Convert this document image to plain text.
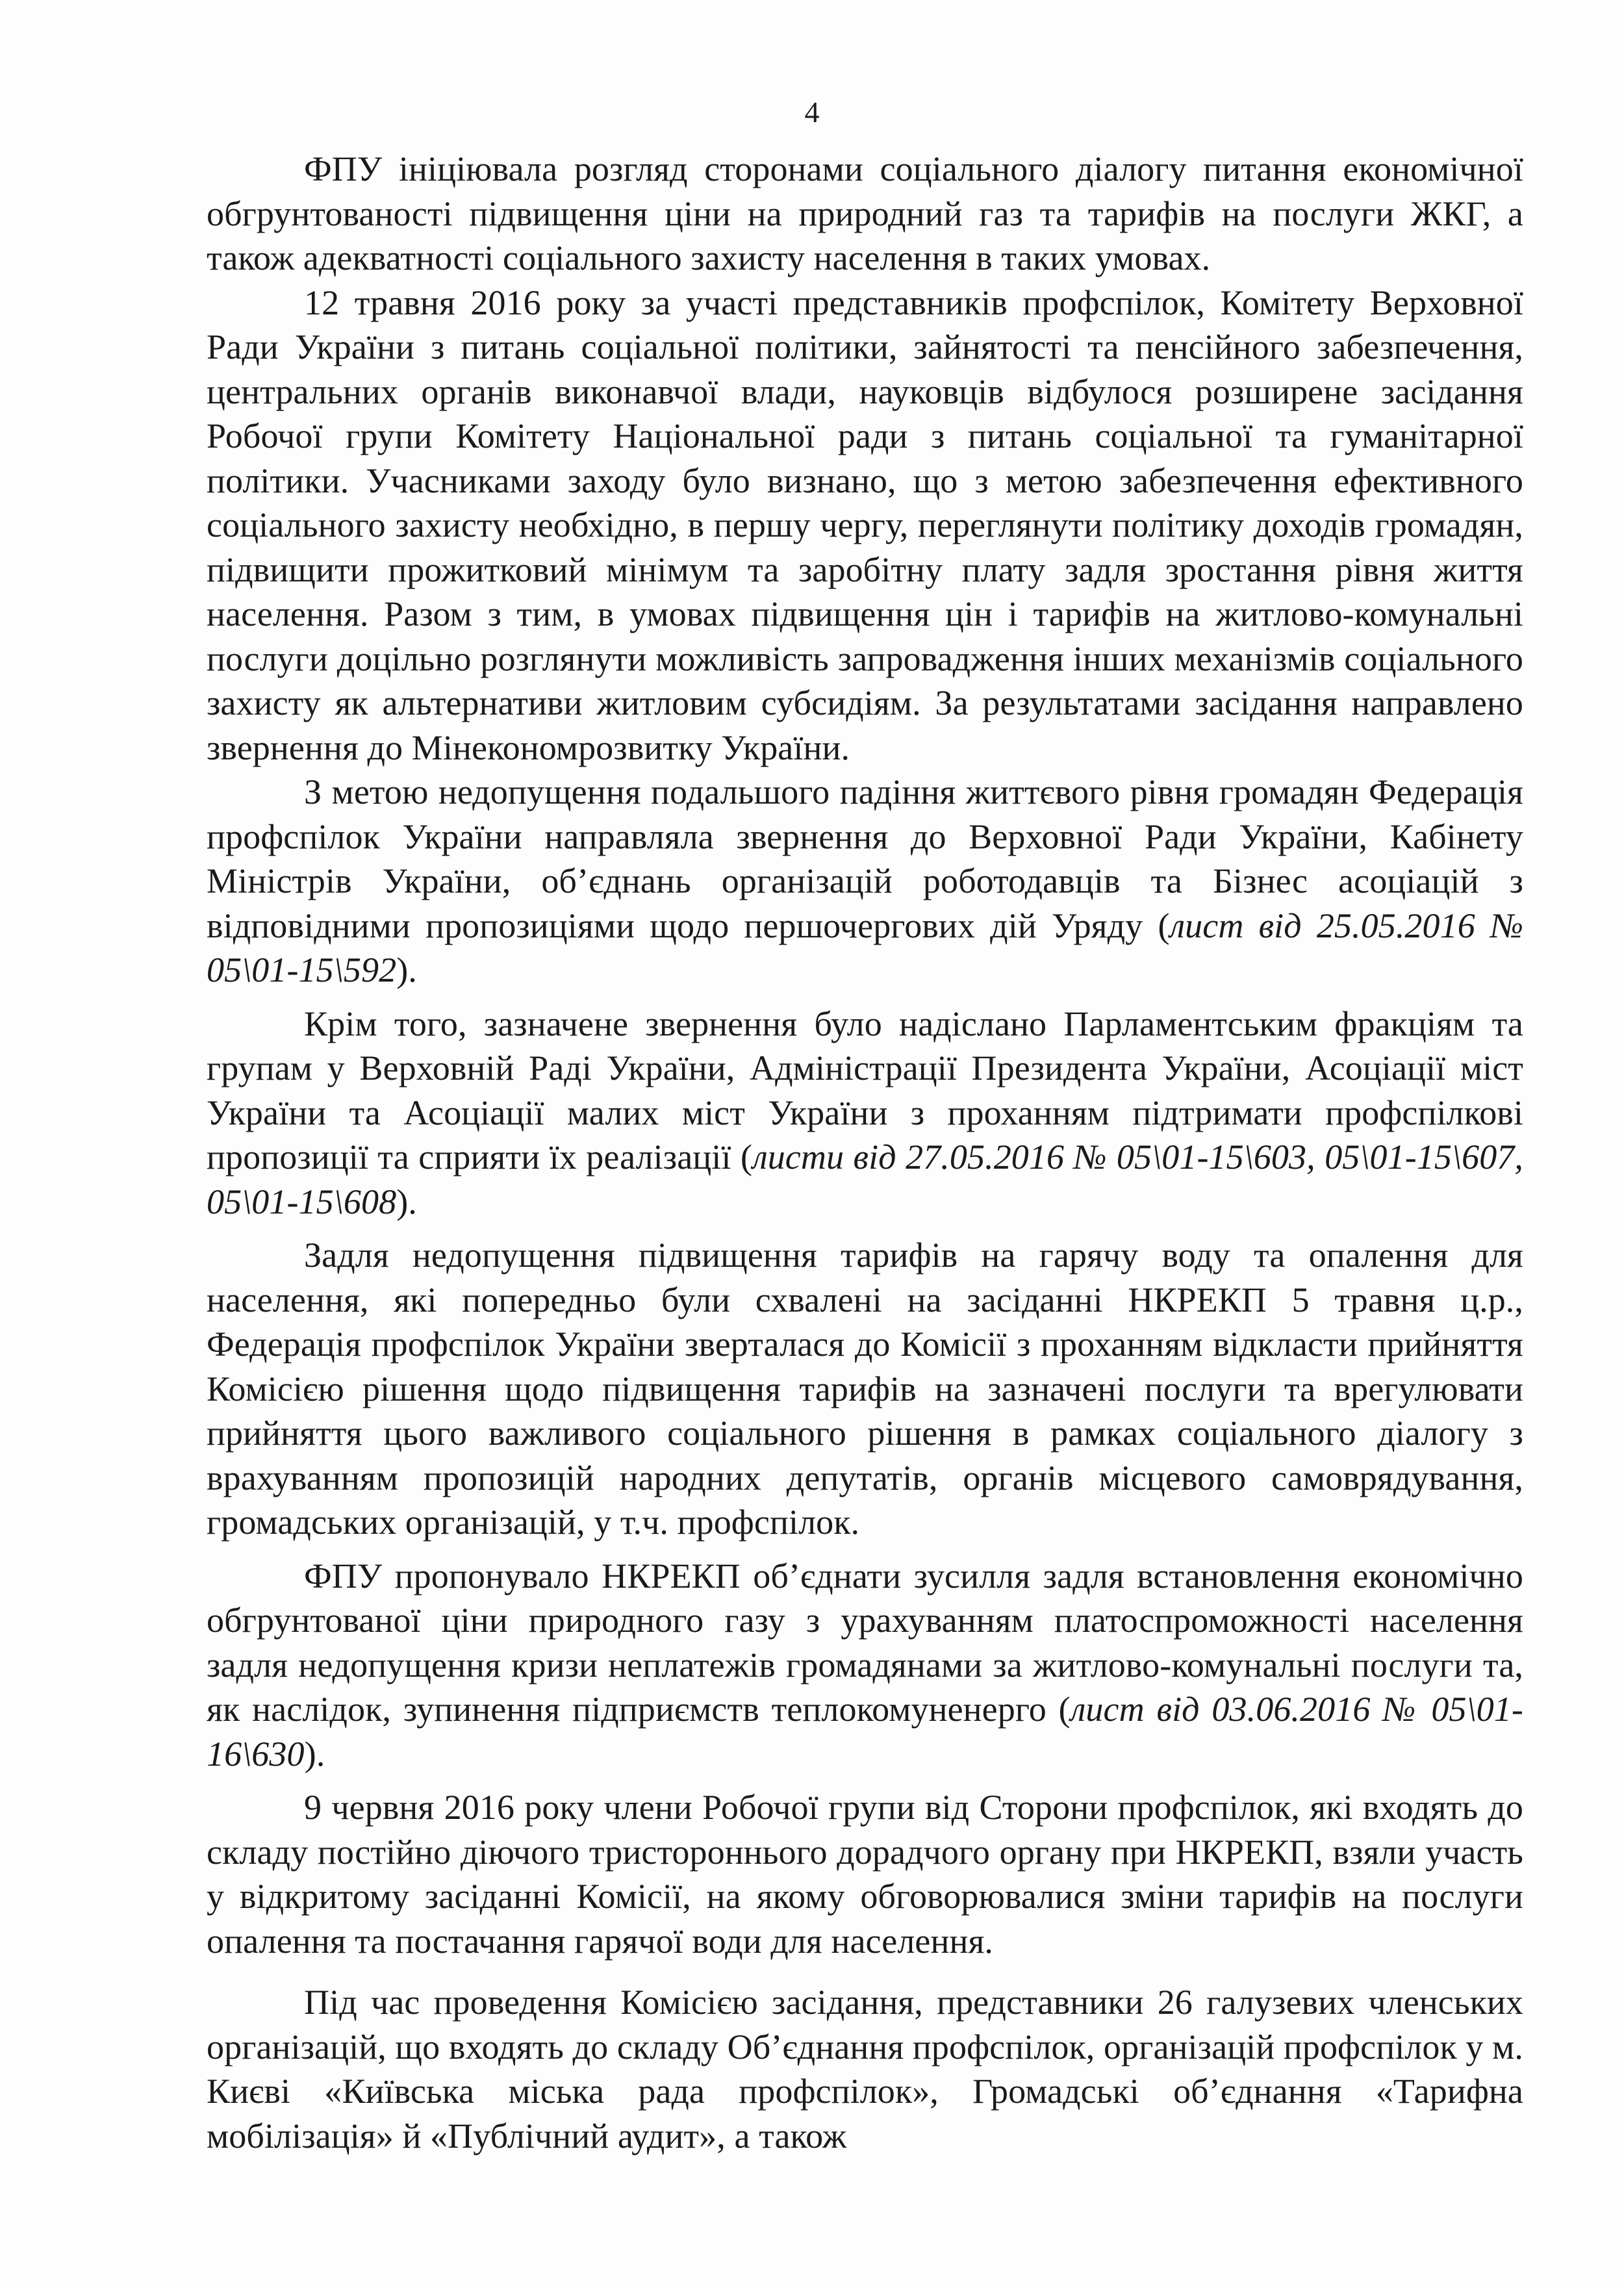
4

ФПУ ініціювала розгляд сторонами соціального діалогу питання економічної обгрунтованості підвищення ціни на природний газ та тарифів на послуги ЖКГ, а також адекватності соціального захисту населення в таких умовах.

12 травня 2016 року за участі представників профспілок, Комітету Верховної Ради України з питань соціальної політики, зайнятості та пенсійного забезпечення, центральних органів виконавчої влади, науковців відбулося розширене засідання Робочої групи Комітету Національної ради з питань соціальної та гуманітарної політики. Учасниками заходу було визнано, що з метою забезпечення ефективного соціального захисту необхідно, в першу чергу, переглянути політику доходів громадян, підвищити прожитковий мінімум та заробітну плату задля зростання рівня життя населення. Разом з тим, в умовах підвищення цін і тарифів на житлово-комунальні послуги доцільно розглянути можливість запровадження інших механізмів соціального захисту як альтернативи житловим субсидіям. За результатами засідання направлено звернення до Мінекономрозвитку України.

З метою недопущення подальшого падіння життєвого рівня громадян Федерація профспілок України направляла звернення до Верховної Ради України, Кабінету Міністрів України, об’єднань організацій роботодавців та Бізнес асоціацій з відповідними пропозиціями щодо першочергових дій Уряду (лист від 25.05.2016 № 05\01-15\592).

Крім того, зазначене звернення було надіслано Парламентським фракціям та групам у Верховній Раді України, Адміністрації Президента України, Асоціації міст України та Асоціації малих міст України з проханням підтримати профспілкові пропозиції та сприяти їх реалізації (листи від 27.05.2016 № 05\01-15\603, 05\01-15\607, 05\01-15\608).

Задля недопущення підвищення тарифів на гарячу воду та опалення для населення, які попередньо були схвалені на засіданні НКРЕКП 5 травня ц.р., Федерація профспілок України зверталася до Комісії з проханням відкласти прийняття Комісією рішення щодо підвищення тарифів на зазначені послуги та врегулювати прийняття цього важливого соціального рішення в рамках соціального діалогу з врахуванням пропозицій народних депутатів, органів місцевого самоврядування, громадських організацій, у т.ч. профспілок.

ФПУ пропонувало НКРЕКП об’єднати зусилля задля встановлення економічно обгрунтованої ціни природного газу з урахуванням платоспроможності населення задля недопущення кризи неплатежів громадянами за житлово-комунальні послуги та, як наслідок, зупинення підприємств теплокомуненерго (лист від 03.06.2016 № 05\01-16\630).

9 червня 2016 року члени Робочої групи від Сторони профспілок, які входять до складу постійно діючого тристороннього дорадчого органу при НКРЕКП, взяли участь у відкритому засіданні Комісії, на якому обговорювалися зміни тарифів на послуги опалення та постачання гарячої води для населення.

Під час проведення Комісією засідання, представники 26 галузевих членських організацій, що входять до складу Об’єднання профспілок, організацій профспілок у м. Києві «Київська міська рада профспілок», Громадські об’єднання «Тарифна мобілізація» й «Публічний аудит», а також
